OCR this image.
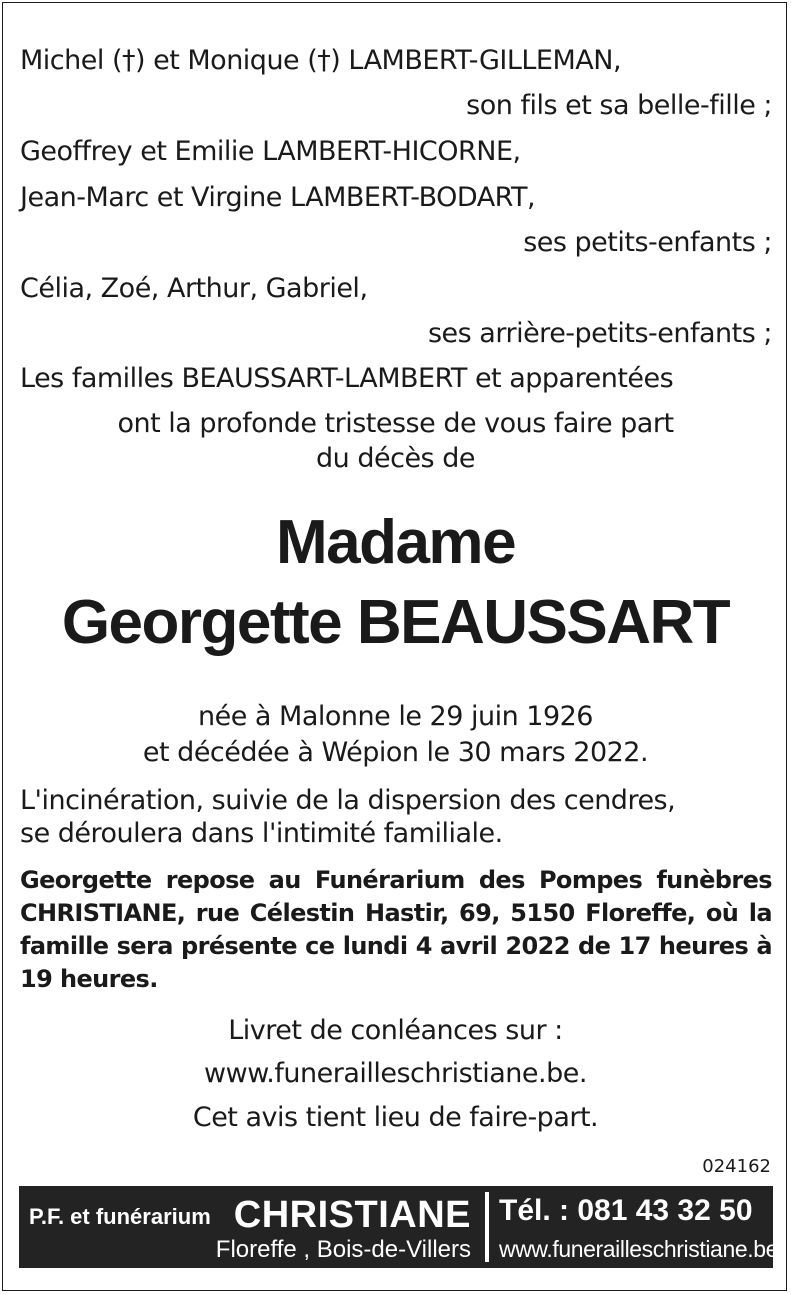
Michel (†) et Monique (†) LAMBERT-GILLEMAN,
son fils et sa belle-fille ;
Geoffrey et Emilie LAMBERT-HICORNE,
Jean-Marc et Virgine LAMBERT-BODART,
ses petits-enfants ;
Célia, Zoé, Arthur, Gabriel,
ses arrière-petits-enfants ;
Les familles BEAUSSART-LAMBERT et apparentées
ont la profonde tristesse de vous faire part
du décès de
Madame
Georgette BEAUSSART
née à Malonne le 29 juin 1926
et décédée à Wépion le 30 mars 2022.
L'incinération, suivie de la dispersion des cendres,
se déroulera dans l'intimité familiale.
Georgette repose au Funérarium des Pompes funèbres CHRISTIANE, rue Célestin Hastir, 69, 5150 Floreffe, où la famille sera présente ce lundi 4 avril 2022 de 17 heures à 19 heures.
Livret de conléances sur :
www.funerailleschristiane.be.
Cet avis tient lieu de faire-part.
024162
P.F. et funérarium CHRISTIANE
Floreffe , Bois-de-Villers
Tél. : 081 43 32 50
www.funerailleschristiane.be
